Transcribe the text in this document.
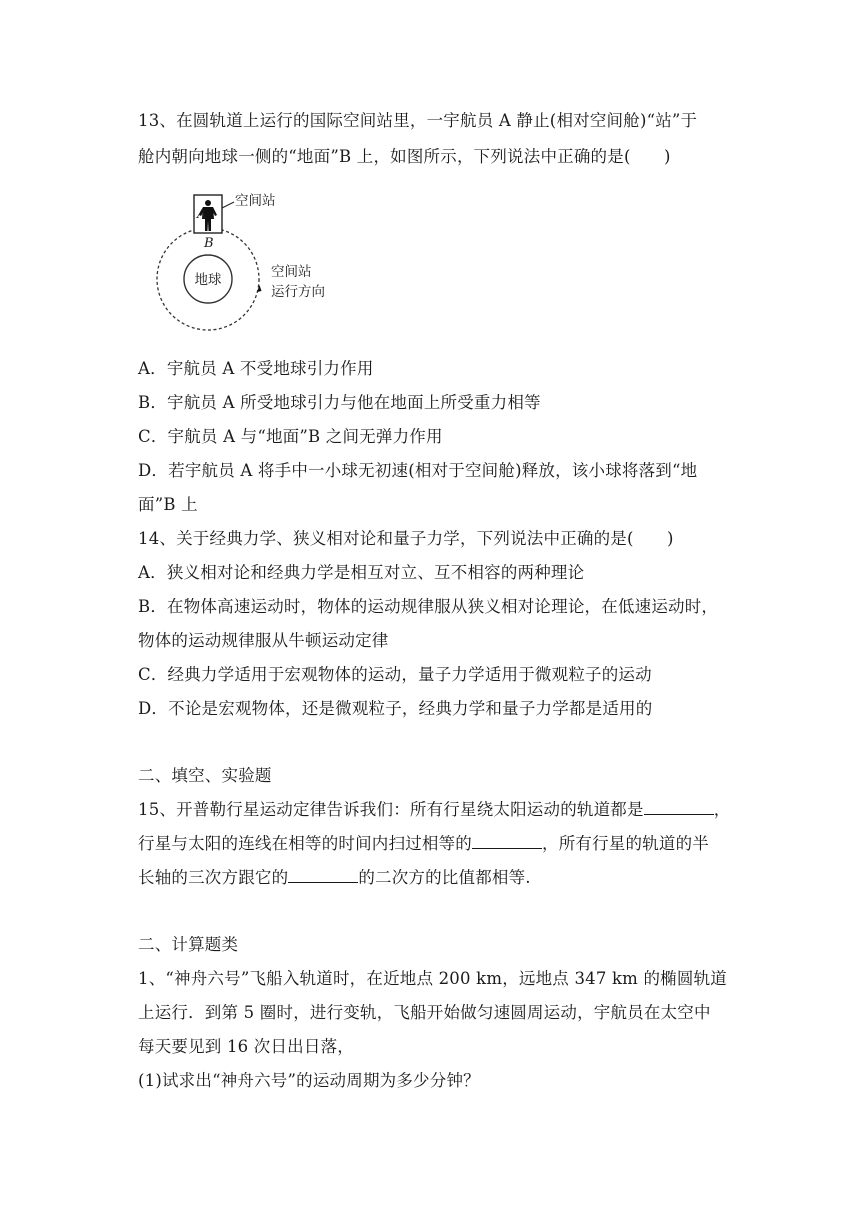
13、在圆轨道上运行的国际空间站里，一宇航员 A 静止(相对空间舱)“站”于
舱内朝向地球一侧的“地面”B 上，如图所示，下列说法中正确的是(　　)
地球
A
B
空间站
空间站
运行方向
A．宇航员 A 不受地球引力作用
B．宇航员 A 所受地球引力与他在地面上所受重力相等
C．宇航员 A 与“地面”B 之间无弹力作用
D．若宇航员 A 将手中一小球无初速(相对于空间舱)释放，该小球将落到“地
面”B 上
14、关于经典力学、狭义相对论和量子力学，下列说法中正确的是(　　)
A．狭义相对论和经典力学是相互对立、互不相容的两种理论
B．在物体高速运动时，物体的运动规律服从狭义相对论理论，在低速运动时，
物体的运动规律服从牛顿运动定律
C．经典力学适用于宏观物体的运动，量子力学适用于微观粒子的运动
D．不论是宏观物体，还是微观粒子，经典力学和量子力学都是适用的
二、填空、实验题
15、开普勒行星运动定律告诉我们：所有行星绕太阳运动的轨道都是	，
行星与太阳的连线在相等的时间内扫过相等的	，所有行星的轨道的半
长轴的三次方跟它的	的二次方的比值都相等.
二、计算题类
1、“神舟六号”飞船入轨道时，在近地点 200 km，远地点 347 km 的椭圆轨道
上运行．到第 5 圈时，进行变轨，飞船开始做匀速圆周运动，宇航员在太空中
每天要见到 16 次日出日落，
(1)试求出“神舟六号”的运动周期为多少分钟？
